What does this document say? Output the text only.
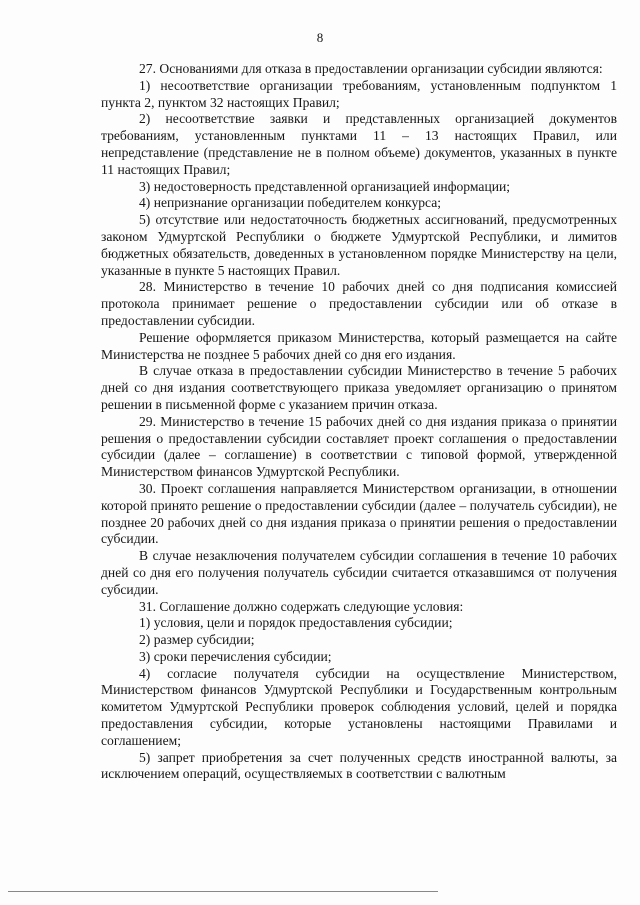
8

27. Основаниями для отказа в предоставлении организации субсидии являются:

1) несоответствие организации требованиям, установленным подпунктом 1 пункта 2, пунктом 32 настоящих Правил;

2) несоответствие заявки и представленных организацией документов требованиям, установленным пунктами 11 – 13 настоящих Правил, или непредставление (представление не в полном объеме) документов, указанных в пункте 11 настоящих Правил;

3) недостоверность представленной организацией информации;

4) непризнание организации победителем конкурса;

5) отсутствие или недостаточность бюджетных ассигнований, предусмотренных законом Удмуртской Республики о бюджете Удмуртской Республики, и лимитов бюджетных обязательств, доведенных в установленном порядке Министерству на цели, указанные в пункте 5 настоящих Правил.

28. Министерство в течение 10 рабочих дней со дня подписания комиссией протокола принимает решение о предоставлении субсидии или об отказе в предоставлении субсидии.

Решение оформляется приказом Министерства, который размещается на сайте Министерства не позднее 5 рабочих дней со дня его издания.

В случае отказа в предоставлении субсидии Министерство в течение 5 рабочих дней со дня издания соответствующего приказа уведомляет организацию о принятом решении в письменной форме с указанием причин отказа.

29. Министерство в течение 15 рабочих дней со дня издания приказа о принятии решения о предоставлении субсидии составляет проект соглашения о предоставлении субсидии (далее – соглашение) в соответствии с типовой формой, утвержденной Министерством финансов Удмуртской Республики.

30. Проект соглашения направляется Министерством организации, в отношении которой принято решение о предоставлении субсидии (далее – получатель субсидии), не позднее 20 рабочих дней со дня издания приказа о принятии решения о предоставлении субсидии.

В случае незаключения получателем субсидии соглашения в течение 10 рабочих дней со дня его получения получатель субсидии считается отказавшимся от получения субсидии.

31. Соглашение должно содержать следующие условия:

1) условия, цели и порядок предоставления субсидии;

2) размер субсидии;

3) сроки перечисления субсидии;

4) согласие получателя субсидии на осуществление Министерством, Министерством финансов Удмуртской Республики и Государственным контрольным комитетом Удмуртской Республики проверок соблюдения условий, целей и порядка предоставления субсидии, которые установлены настоящими Правилами и соглашением;

5) запрет приобретения за счет полученных средств иностранной валюты, за исключением операций, осуществляемых в соответствии с валютным
